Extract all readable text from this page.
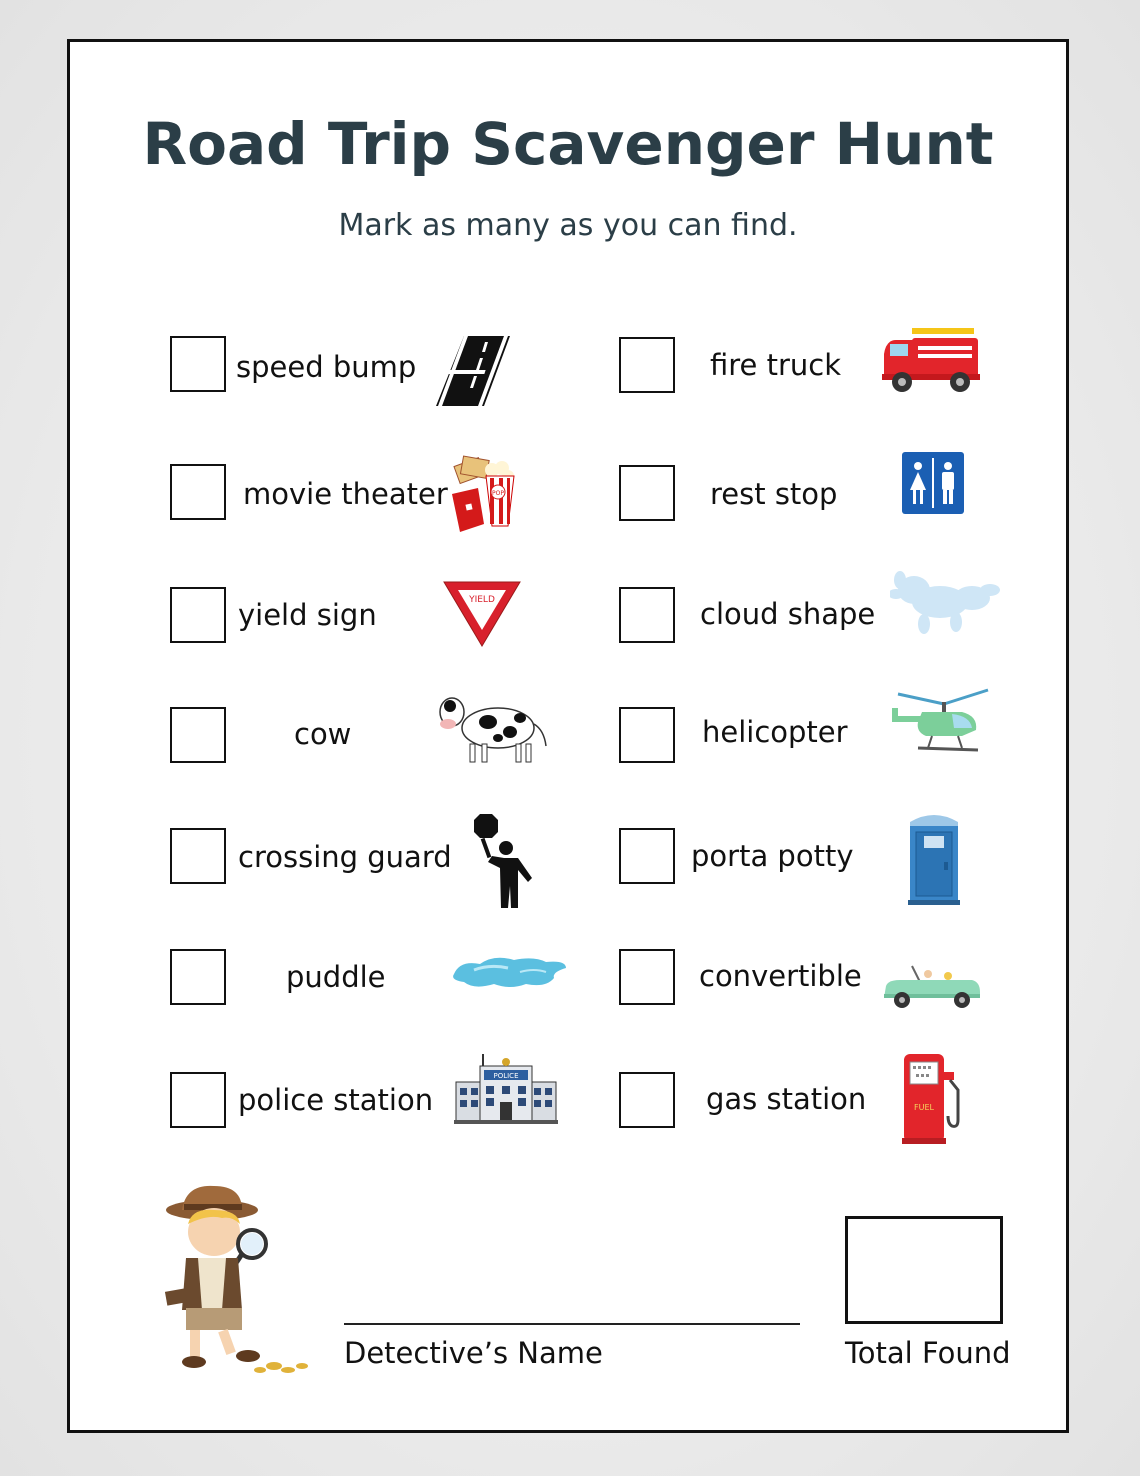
Road Trip Scavenger Hunt
Mark as many as you can find.
speed bump
movie theater	POP
yield sign	YIELD
cow
crossing guard
puddle
police station
POLICE
fire truck
rest stop
cloud shape
helicopter
porta potty
convertible
gas station	FUEL
Detective’s Name	Total Found
